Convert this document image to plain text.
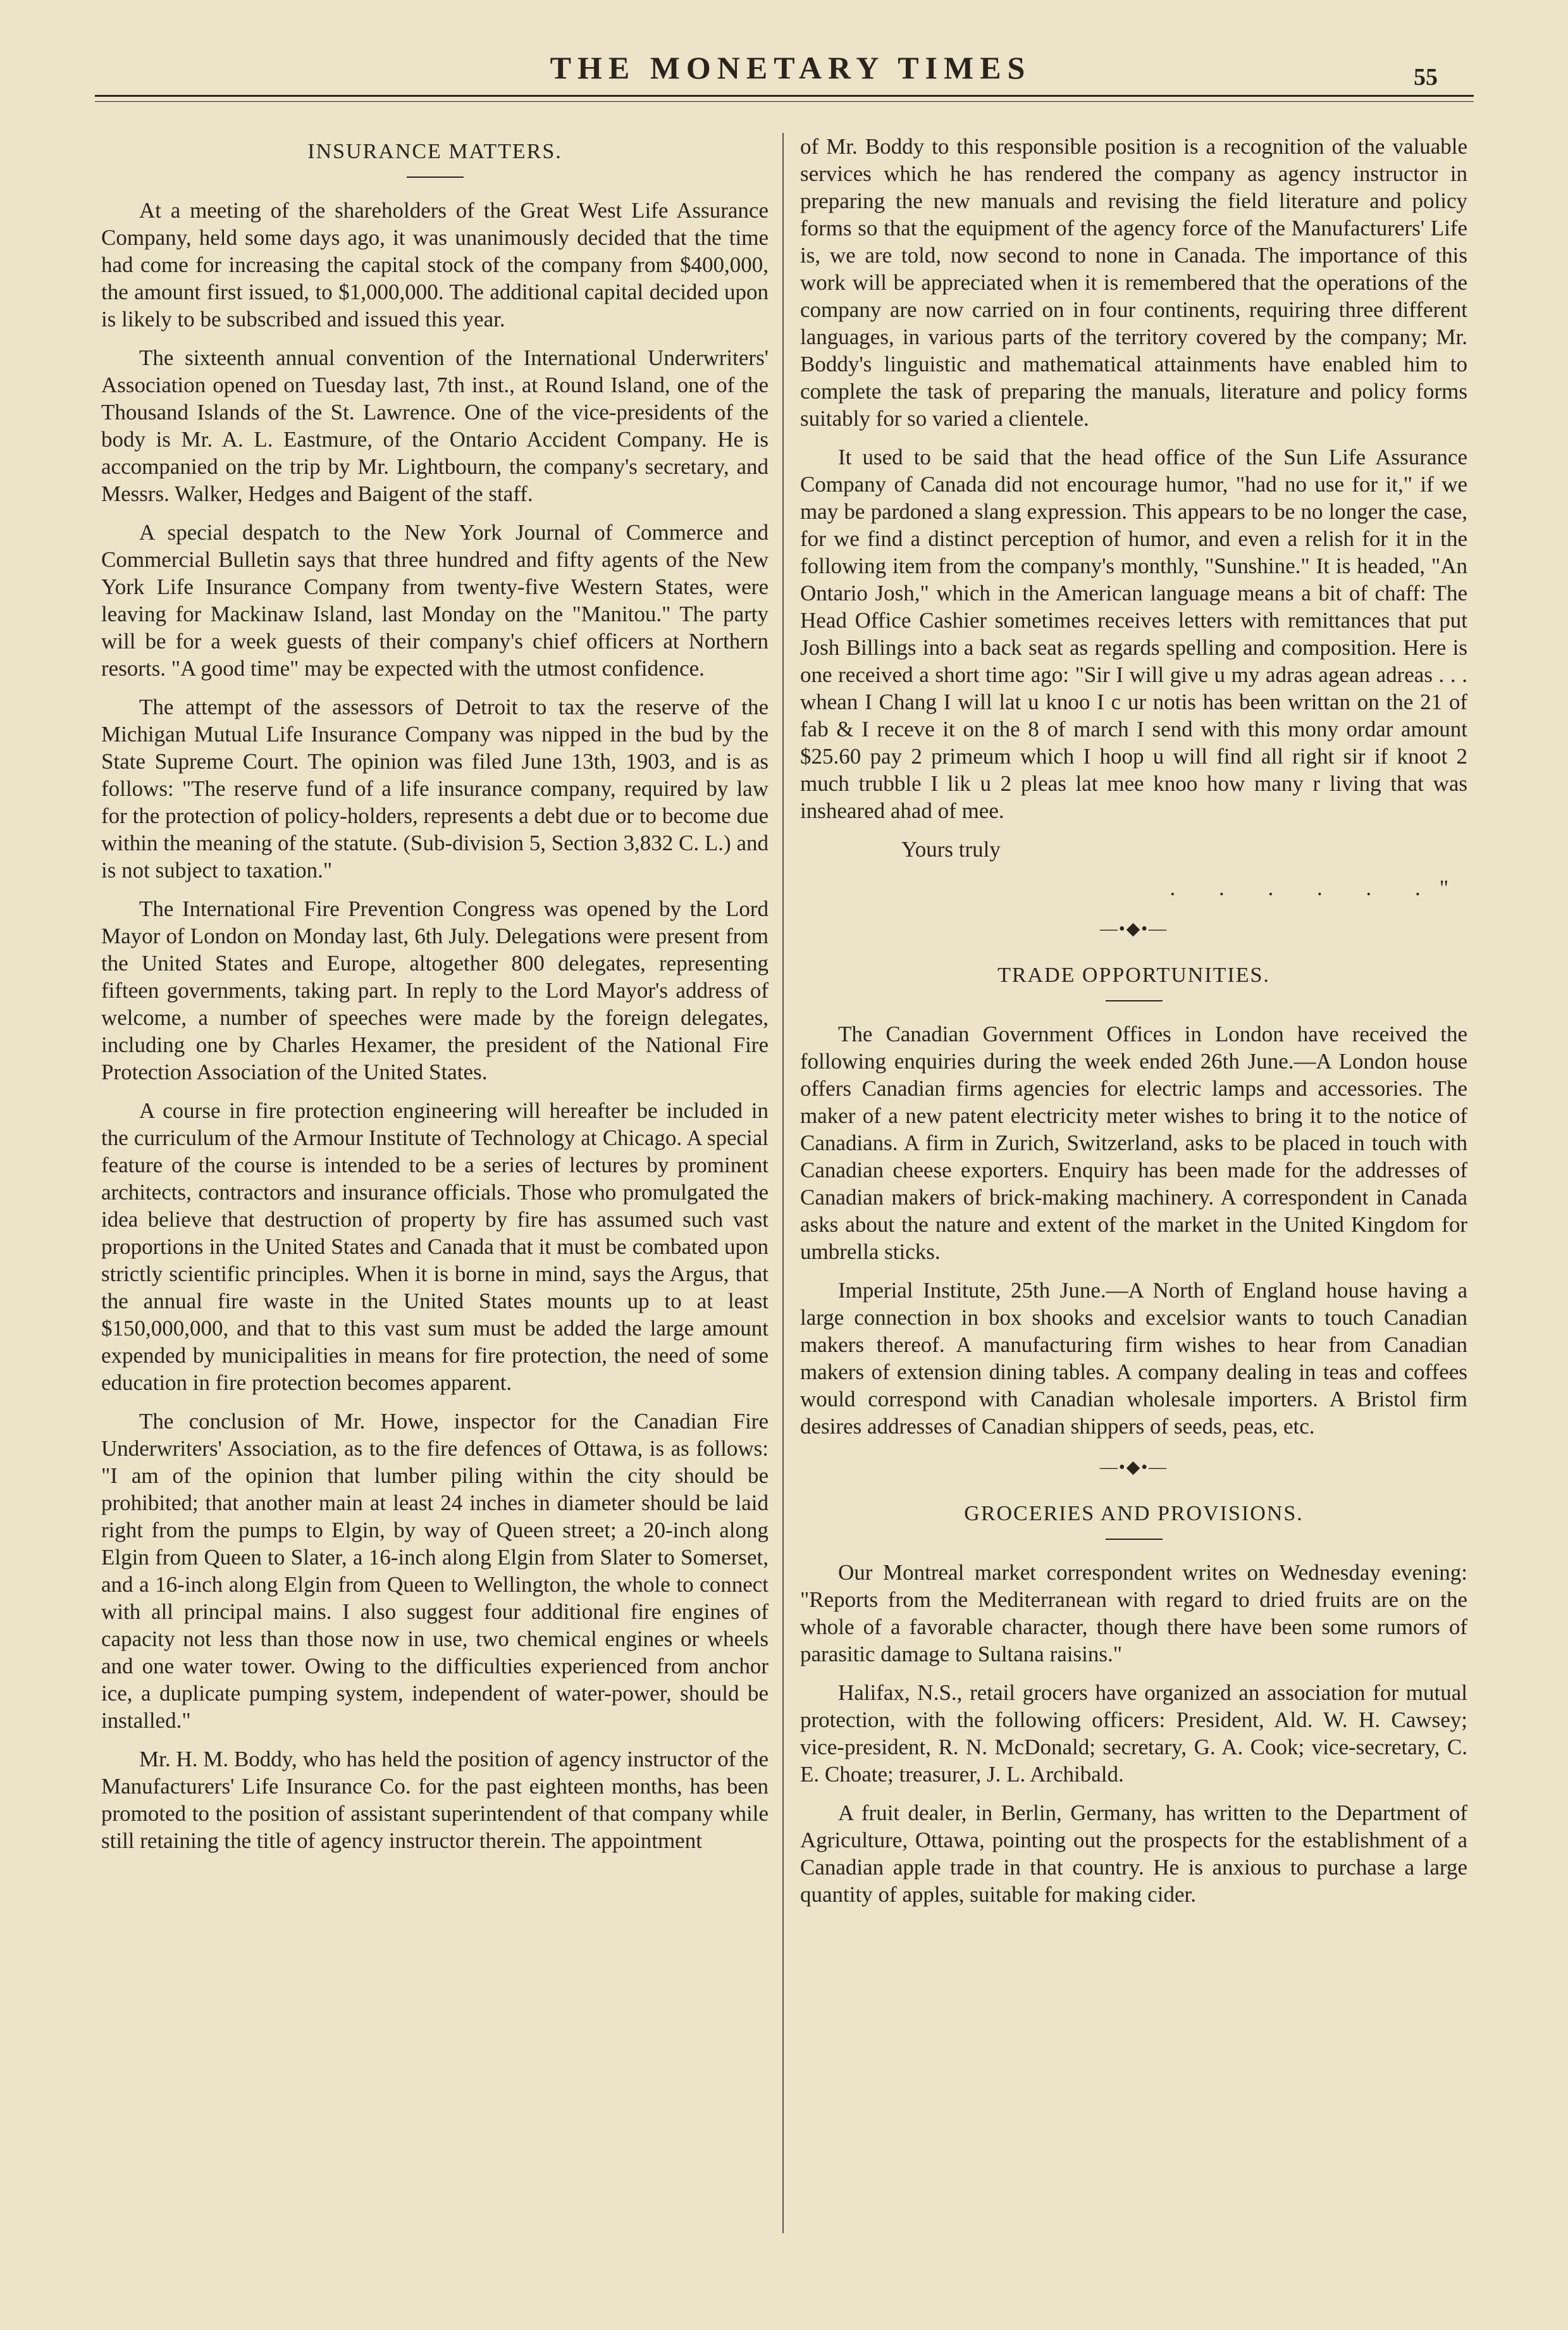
THE MONETARY TIMES	55
INSURANCE MATTERS.

At a meeting of the shareholders of the Great West Life Assurance Company, held some days ago, it was unanimously decided that the time had come for increasing the capital stock of the company from $400,000, the amount first issued, to $1,000,000. The additional capital decided upon is likely to be subscribed and issued this year.

The sixteenth annual convention of the International Underwriters' Association opened on Tuesday last, 7th inst., at Round Island, one of the Thousand Islands of the St. Lawrence. One of the vice-presidents of the body is Mr. A. L. Eastmure, of the Ontario Accident Company. He is accompanied on the trip by Mr. Lightbourn, the company's secretary, and Messrs. Walker, Hedges and Baigent of the staff.

A special despatch to the New York Journal of Commerce and Commercial Bulletin says that three hundred and fifty agents of the New York Life Insurance Company from twenty-five Western States, were leaving for Mackinaw Island, last Monday on the "Manitou." The party will be for a week guests of their company's chief officers at Northern resorts. "A good time" may be expected with the utmost confidence.

The attempt of the assessors of Detroit to tax the reserve of the Michigan Mutual Life Insurance Company was nipped in the bud by the State Supreme Court. The opinion was filed June 13th, 1903, and is as follows: "The reserve fund of a life insurance company, required by law for the protection of policy-holders, represents a debt due or to become due within the meaning of the statute. (Sub-division 5, Section 3,832 C. L.) and is not subject to taxation."

The International Fire Prevention Congress was opened by the Lord Mayor of London on Monday last, 6th July. Delegations were present from the United States and Europe, altogether 800 delegates, representing fifteen governments, taking part. In reply to the Lord Mayor's address of welcome, a number of speeches were made by the foreign delegates, including one by Charles Hexamer, the president of the National Fire Protection Association of the United States.

A course in fire protection engineering will hereafter be included in the curriculum of the Armour Institute of Technology at Chicago. A special feature of the course is intended to be a series of lectures by prominent architects, contractors and insurance officials. Those who promulgated the idea believe that destruction of property by fire has assumed such vast proportions in the United States and Canada that it must be combated upon strictly scientific principles. When it is borne in mind, says the Argus, that the annual fire waste in the United States mounts up to at least $150,000,000, and that to this vast sum must be added the large amount expended by municipalities in means for fire protection, the need of some education in fire protection becomes apparent.

The conclusion of Mr. Howe, inspector for the Canadian Fire Underwriters' Association, as to the fire defences of Ottawa, is as follows: "I am of the opinion that lumber piling within the city should be prohibited; that another main at least 24 inches in diameter should be laid right from the pumps to Elgin, by way of Queen street; a 20-inch along Elgin from Queen to Slater, a 16-inch along Elgin from Slater to Somerset, and a 16-inch along Elgin from Queen to Wellington, the whole to connect with all principal mains. I also suggest four additional fire engines of capacity not less than those now in use, two chemical engines or wheels and one water tower. Owing to the difficulties experienced from anchor ice, a duplicate pumping system, independent of water-power, should be installed."

Mr. H. M. Boddy, who has held the position of agency instructor of the Manufacturers' Life Insurance Co. for the past eighteen months, has been promoted to the position of assistant superintendent of that company while still retaining the title of agency instructor therein. The appointment

of Mr. Boddy to this responsible position is a recognition of the valuable services which he has rendered the company as agency instructor in preparing the new manuals and revising the field literature and policy forms so that the equipment of the agency force of the Manufacturers' Life is, we are told, now second to none in Canada. The importance of this work will be appreciated when it is remembered that the operations of the company are now carried on in four continents, requiring three different languages, in various parts of the territory covered by the company; Mr. Boddy's linguistic and mathematical attainments have enabled him to complete the task of preparing the manuals, literature and policy forms suitably for so varied a clientele.

It used to be said that the head office of the Sun Life Assurance Company of Canada did not encourage humor, "had no use for it," if we may be pardoned a slang expression. This appears to be no longer the case, for we find a distinct perception of humor, and even a relish for it in the following item from the company's monthly, "Sunshine." It is headed, "An Ontario Josh," which in the American language means a bit of chaff: The Head Office Cashier sometimes receives letters with remittances that put Josh Billings into a back seat as regards spelling and composition. Here is one received a short time ago: "Sir I will give u my adras agean adreas . . . whean I Chang I will lat u knoo I c ur notis has been writtan on the 21 of fab & I receve it on the 8 of march I send with this mony ordar amount $25.60 pay 2 primeum which I hoop u will find all right sir if knoot 2 much trubble I lik u 2 pleas lat mee knoo how many r living that was insheared ahad of mee.

Yours truly

. . . . . ."
—•◆•—
TRADE OPPORTUNITIES.

The Canadian Government Offices in London have received the following enquiries during the week ended 26th June.—A London house offers Canadian firms agencies for electric lamps and accessories. The maker of a new patent electricity meter wishes to bring it to the notice of Canadians. A firm in Zurich, Switzerland, asks to be placed in touch with Canadian cheese exporters. Enquiry has been made for the addresses of Canadian makers of brick-making machinery. A correspondent in Canada asks about the nature and extent of the market in the United Kingdom for umbrella sticks.

Imperial Institute, 25th June.—A North of England house having a large connection in box shooks and excelsior wants to touch Canadian makers thereof. A manufacturing firm wishes to hear from Canadian makers of extension dining tables. A company dealing in teas and coffees would correspond with Canadian wholesale importers. A Bristol firm desires addresses of Canadian shippers of seeds, peas, etc.

—•◆•—
GROCERIES AND PROVISIONS.

Our Montreal market correspondent writes on Wednesday evening: "Reports from the Mediterranean with regard to dried fruits are on the whole of a favorable character, though there have been some rumors of parasitic damage to Sultana raisins."

Halifax, N.S., retail grocers have organized an association for mutual protection, with the following officers: President, Ald. W. H. Cawsey; vice-president, R. N. McDonald; secretary, G. A. Cook; vice-secretary, C. E. Choate; treasurer, J. L. Archibald.

A fruit dealer, in Berlin, Germany, has written to the Department of Agriculture, Ottawa, pointing out the prospects for the establishment of a Canadian apple trade in that country. He is anxious to purchase a large quantity of apples, suitable for making cider.
